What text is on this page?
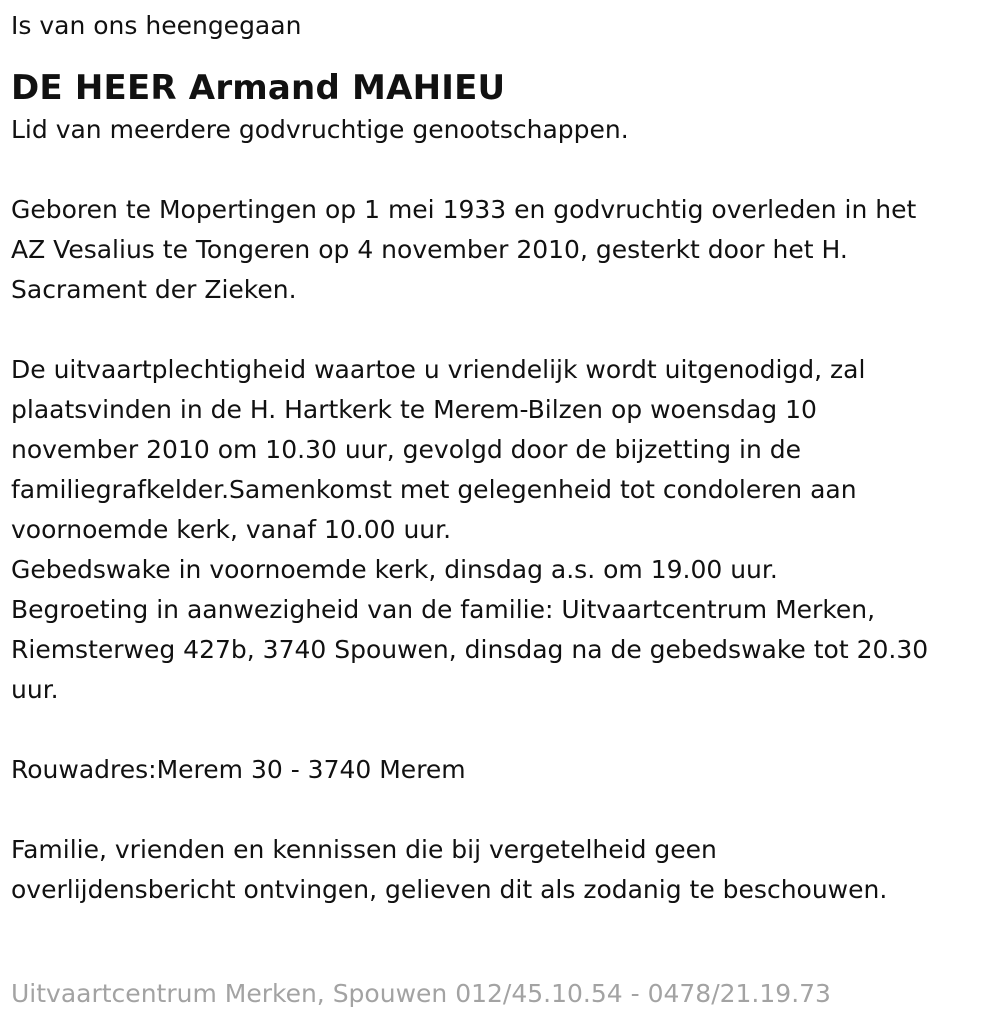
Is van ons heengegaan

DE HEER Armand MAHIEU

Lid van meerdere godvruchtige genootschappen.

Geboren te Mopertingen op 1 mei 1933 en godvruchtig overleden in het

AZ Vesalius te Tongeren op 4 november 2010, gesterkt door het H.

Sacrament der Zieken.

De uitvaartplechtigheid waartoe u vriendelijk wordt uitgenodigd, zal

plaatsvinden in de H. Hartkerk te Merem-Bilzen op woensdag 10

november 2010 om 10.30 uur, gevolgd door de bijzetting in de

familiegrafkelder.Samenkomst met gelegenheid tot condoleren aan

voornoemde kerk, vanaf 10.00 uur.

Gebedswake in voornoemde kerk, dinsdag a.s. om 19.00 uur.

Begroeting in aanwezigheid van de familie: Uitvaartcentrum Merken,

Riemsterweg 427b, 3740 Spouwen, dinsdag na de gebedswake tot 20.30

uur.

Rouwadres:Merem 30 - 3740 Merem

Familie, vrienden en kennissen die bij vergetelheid geen

overlijdensbericht ontvingen, gelieven dit als zodanig te beschouwen.

Uitvaartcentrum Merken, Spouwen 012/45.10.54 - 0478/21.19.73
